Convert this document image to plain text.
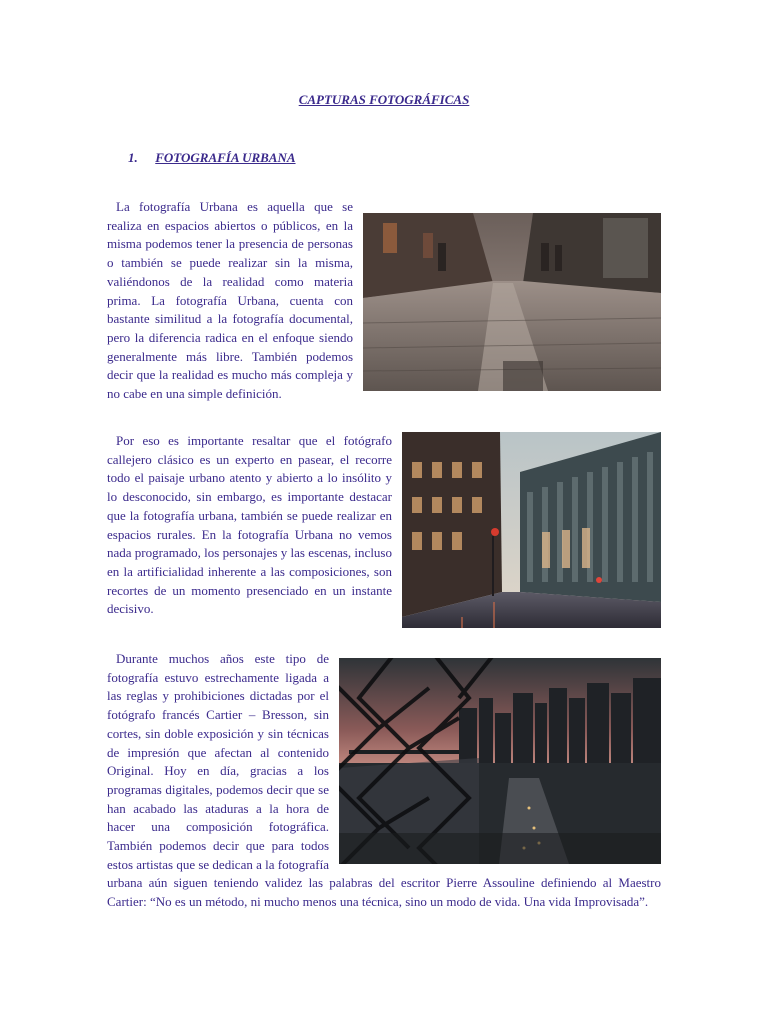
CAPTURAS FOTOGRÁFICAS
1. FOTOGRAFÍA URBANA

La fotografía Urbana es aquella que se realiza en espacios abiertos o públicos, en la misma podemos tener la presencia de personas o también se puede realizar sin la misma, valiéndonos de la realidad como materia prima. La fotografía Urbana, cuenta con bastante similitud a la fotografía documental, pero la diferencia radica en el enfoque siendo generalmente más libre. También podemos decir que la realidad es mucho más compleja y no cabe en una simple definición.

Por eso es importante resaltar que el fotógrafo callejero clásico es un experto en pasear, el recorre todo el paisaje urbano atento y abierto a lo insólito y lo desconocido, sin embargo, es importante destacar que la fotografía urbana, también se puede realizar en espacios rurales. En la fotografía Urbana no vemos nada programado, los personajes y las escenas, incluso en la artificialidad inherente a las composiciones, son recortes de un momento presenciado en un instante decisivo.

Durante muchos años este tipo de fotografía estuvo estrechamente ligada a las reglas y prohibiciones dictadas por el fotógrafo francés Cartier – Bresson, sin cortes, sin doble exposición y sin técnicas de impresión que afectan al contenido Original. Hoy en día, gracias a los programas digitales, podemos decir que se han acabado las ataduras a la hora de hacer una composición fotográfica. También podemos decir que para todos estos artistas que se dedican a la fotografía urbana aún siguen teniendo validez las palabras del escritor Pierre Assouline definiendo al Maestro Cartier: “No es un método, ni mucho menos una técnica, sino un modo de vida. Una vida Improvisada”.
